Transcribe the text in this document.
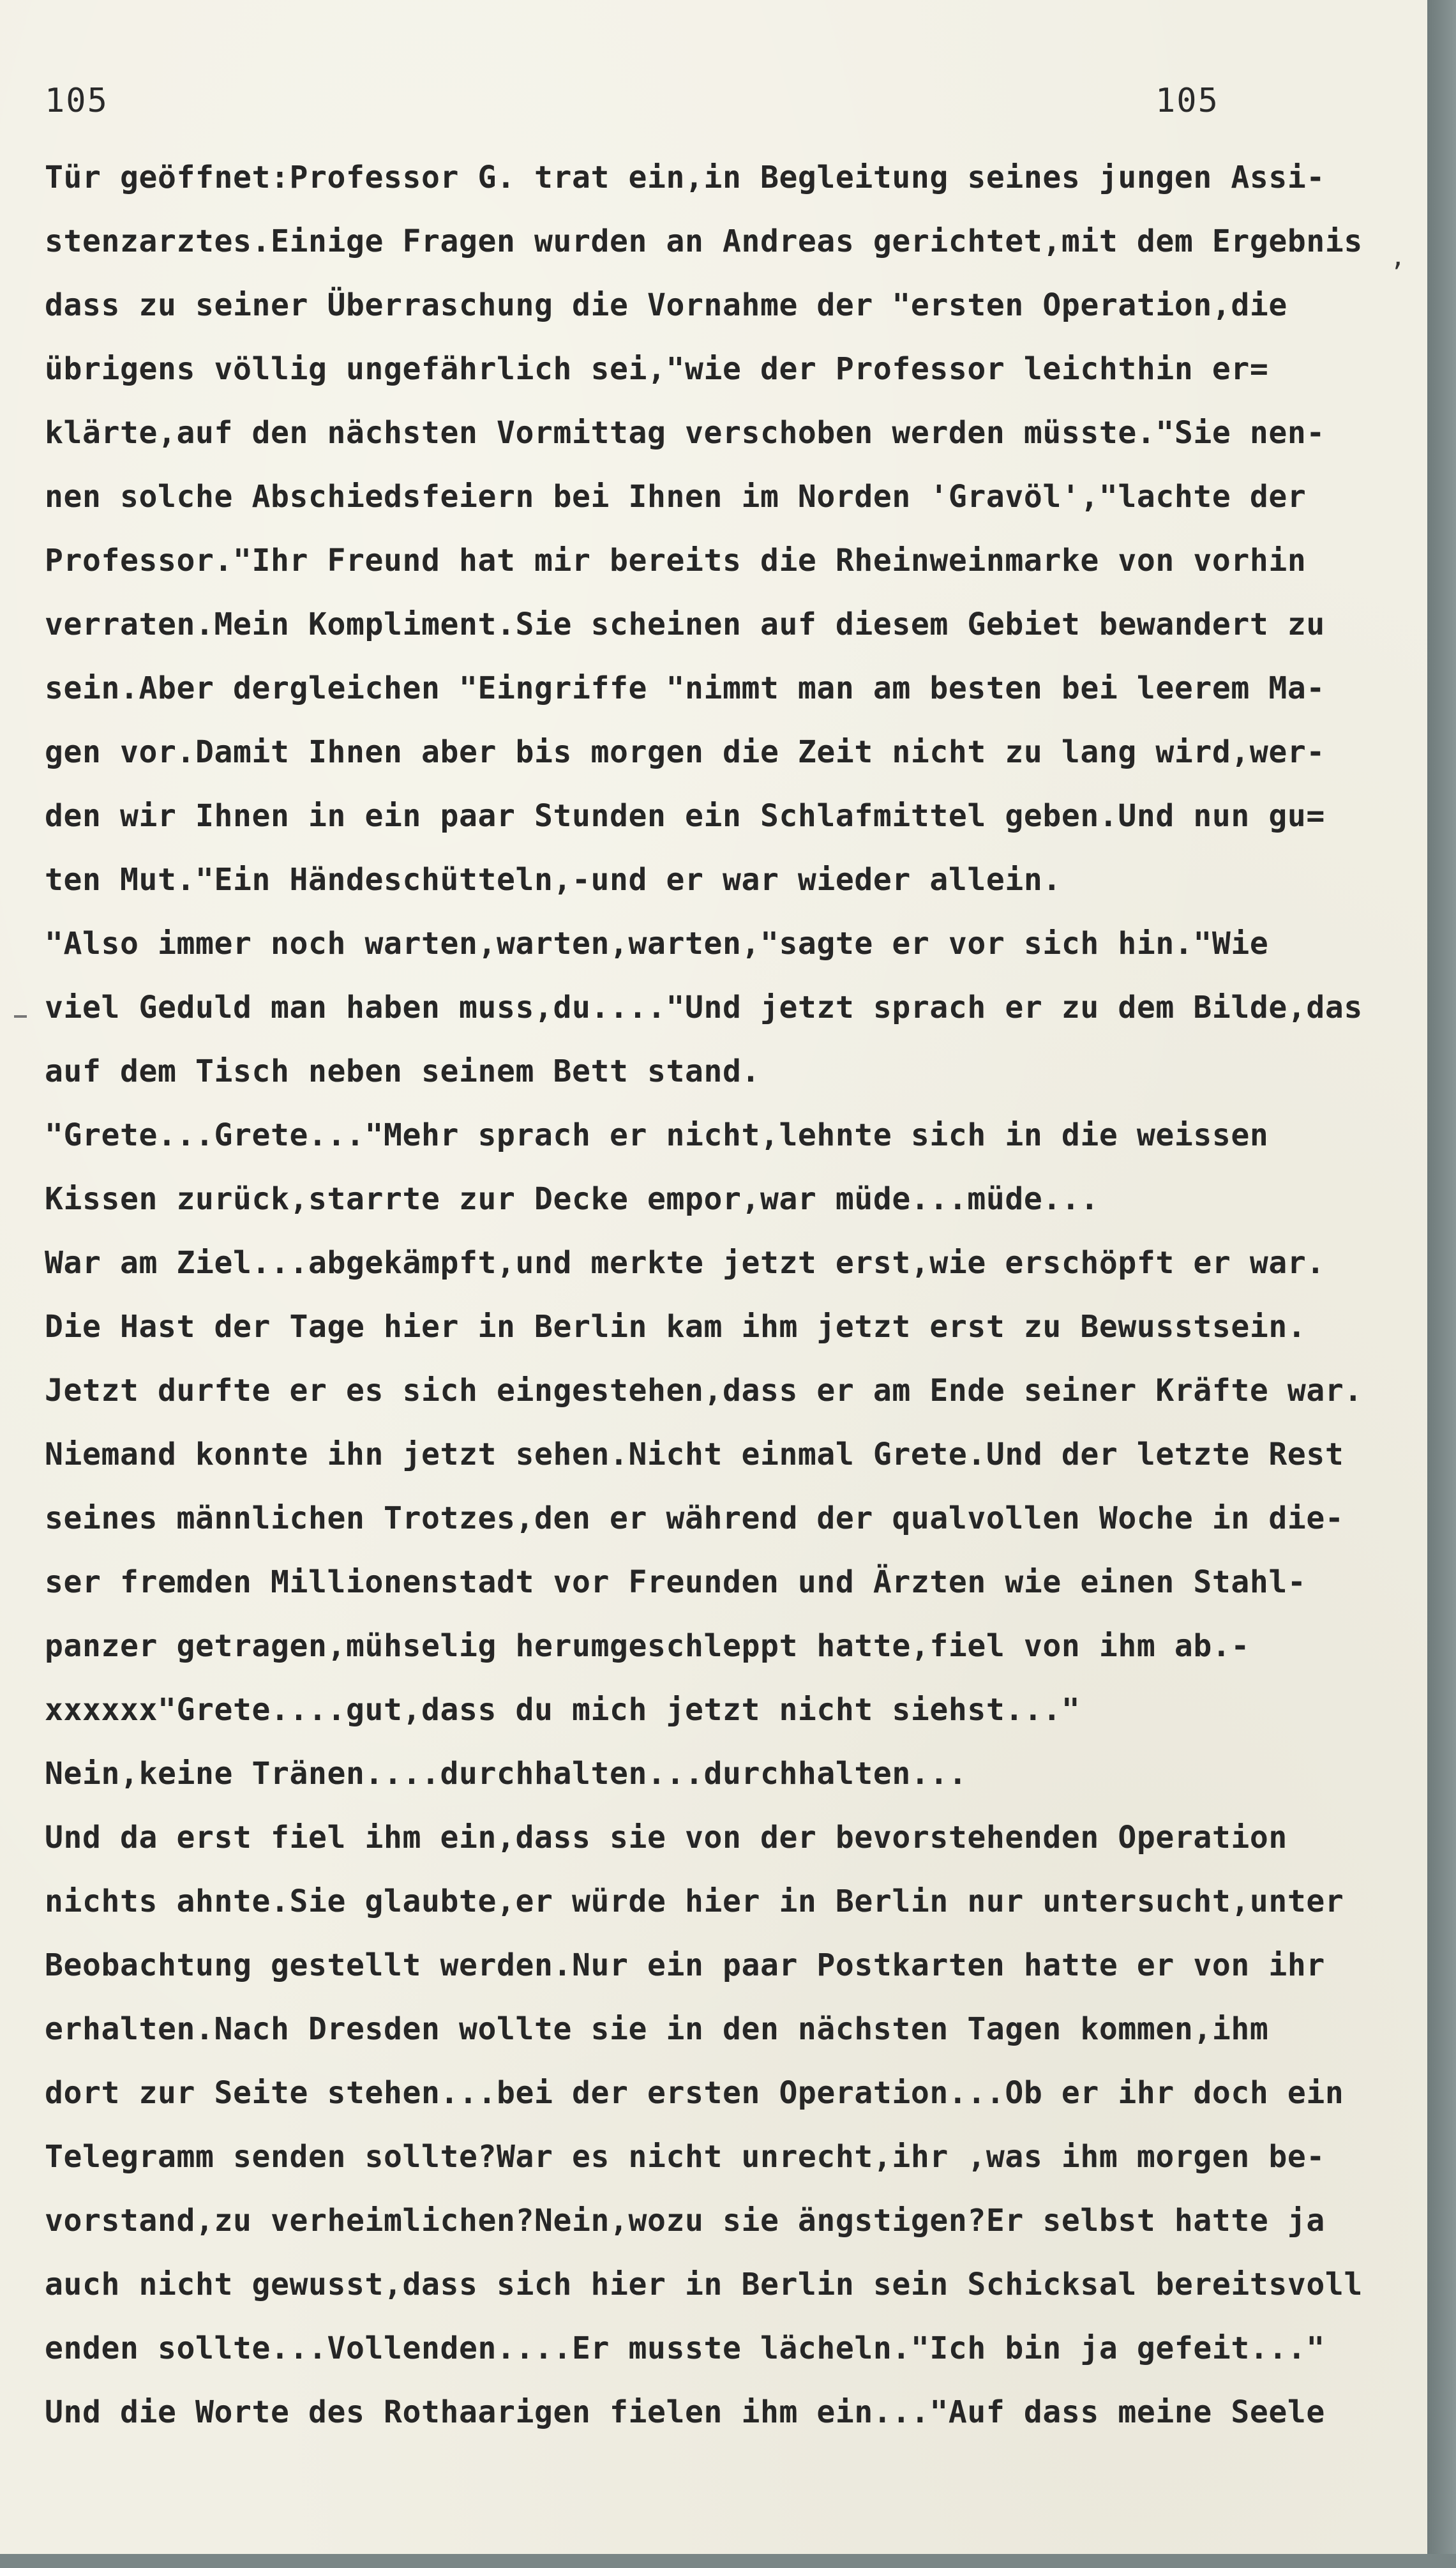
105	105
,
Tür geöffnet:Professor G. trat ein,in Begleitung seines jungen Assi-
stenzarztes.Einige Fragen wurden an Andreas gerichtet,mit dem Ergebnis
dass zu seiner Überraschung die Vornahme der "ersten Operation,die
übrigens völlig ungefährlich sei,"wie der Professor leichthin er=
klärte,auf den nächsten Vormittag verschoben werden müsste."Sie nen-
nen solche Abschiedsfeiern bei Ihnen im Norden 'Gravöl',"lachte der
Professor."Ihr Freund hat mir bereits die Rheinweinmarke von vorhin
verraten.Mein Kompliment.Sie scheinen auf diesem Gebiet bewandert zu
sein.Aber dergleichen "Eingriffe "nimmt man am besten bei leerem Ma-
gen vor.Damit Ihnen aber bis morgen die Zeit nicht zu lang wird,wer-
den wir Ihnen in ein paar Stunden ein Schlafmittel geben.Und nun gu=
ten Mut."Ein Händeschütteln,-und er war wieder allein.
"Also immer noch warten,warten,warten,"sagte er vor sich hin."Wie
viel Geduld man haben muss,du...."Und jetzt sprach er zu dem Bilde,das
auf dem Tisch neben seinem Bett stand.
"Grete...Grete..."Mehr sprach er nicht,lehnte sich in die weissen
Kissen zurück,starrte zur Decke empor,war müde...müde...
War am Ziel...abgekämpft,und merkte jetzt erst,wie erschöpft er war.
Die Hast der Tage hier in Berlin kam ihm jetzt erst zu Bewusstsein.
Jetzt durfte er es sich eingestehen,dass er am Ende seiner Kräfte war.
Niemand konnte ihn jetzt sehen.Nicht einmal Grete.Und der letzte Rest
seines männlichen Trotzes,den er während der qualvollen Woche in die-
ser fremden Millionenstadt vor Freunden und Ärzten wie einen Stahl-
panzer getragen,mühselig herumgeschleppt hatte,fiel von ihm ab.-
xxxxxx"Grete....gut,dass du mich jetzt nicht siehst..."
Nein,keine Tränen....durchhalten...durchhalten...
Und da erst fiel ihm ein,dass sie von der bevorstehenden Operation
nichts ahnte.Sie glaubte,er würde hier in Berlin nur untersucht,unter
Beobachtung gestellt werden.Nur ein paar Postkarten hatte er von ihr
erhalten.Nach Dresden wollte sie in den nächsten Tagen kommen,ihm
dort zur Seite stehen...bei der ersten Operation...Ob er ihr doch ein
Telegramm senden sollte?War es nicht unrecht,ihr ,was ihm morgen be-
vorstand,zu verheimlichen?Nein,wozu sie ängstigen?Er selbst hatte ja
auch nicht gewusst,dass sich hier in Berlin sein Schicksal bereitsvoll
enden sollte...Vollenden....Er musste lächeln."Ich bin ja gefeit..."
Und die Worte des Rothaarigen fielen ihm ein..."Auf dass meine Seele
